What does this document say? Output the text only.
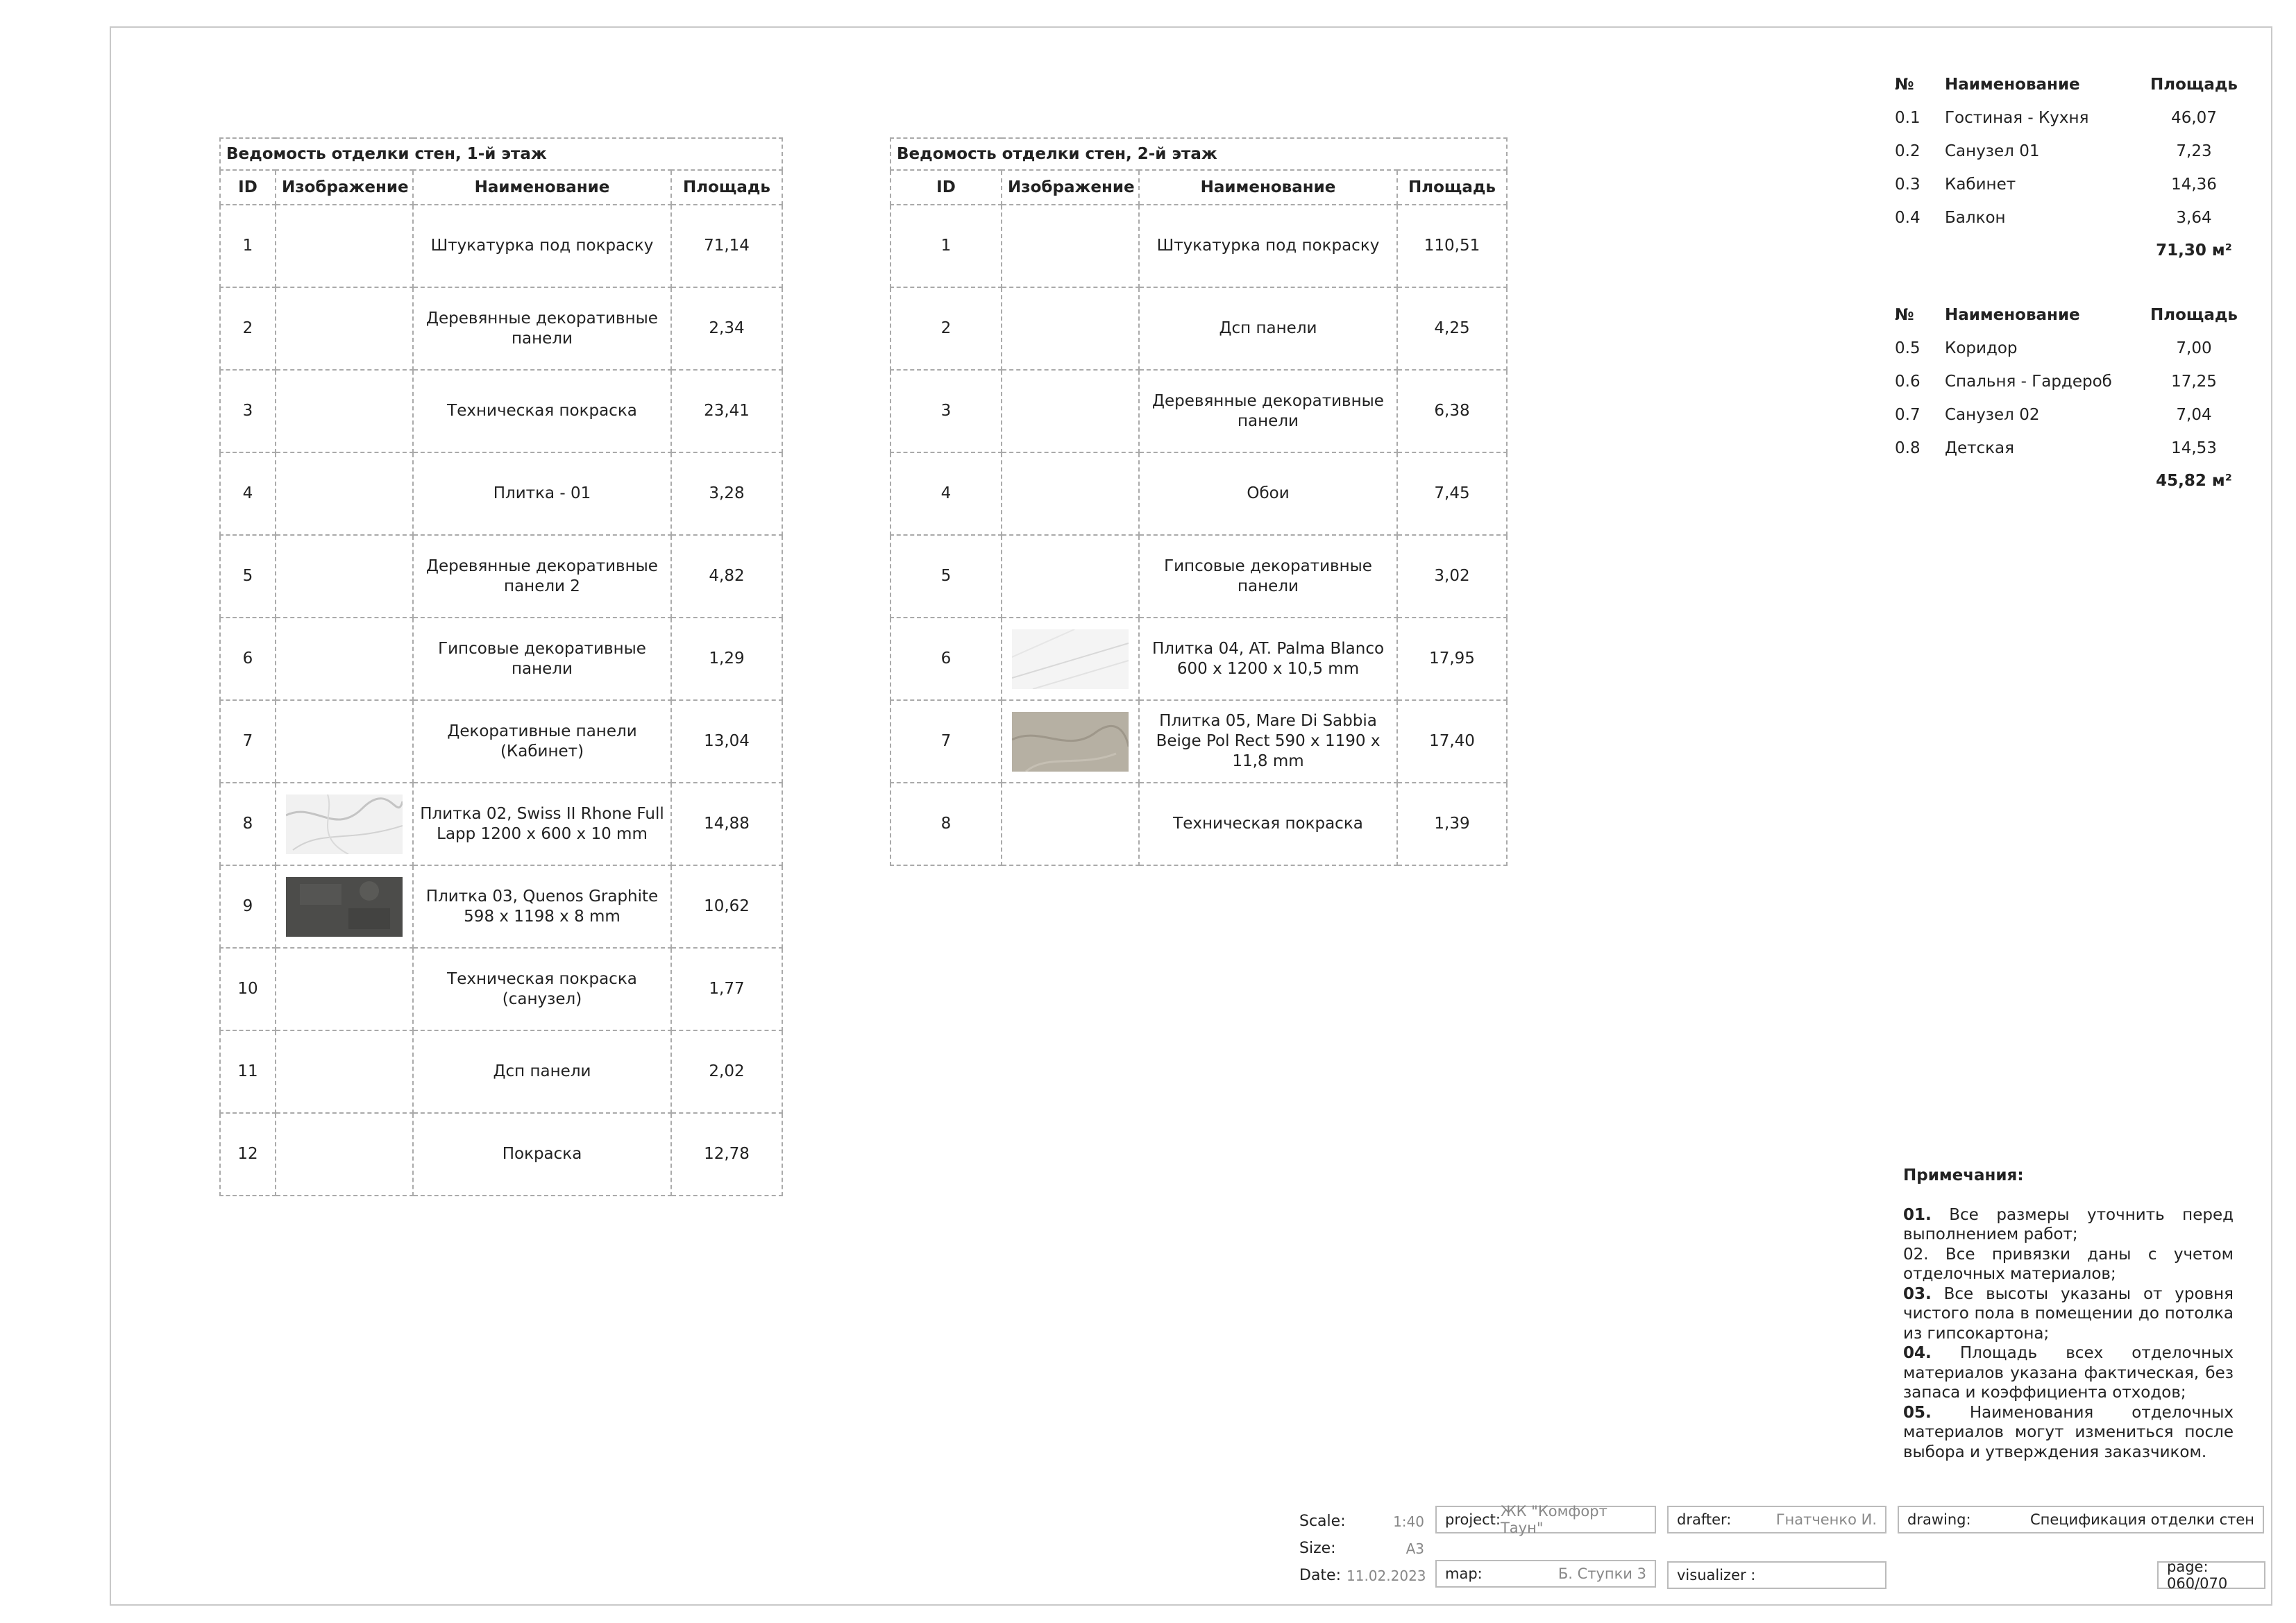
Ведомость отделки стен, 1-й этаж			
ID	Изображение	Наименование	Площадь
1		Штукатурка под покраску	71,14
2		Деревянные декоративные панели	2,34
3		Техническая покраска	23,41
4		Плитка - 01	3,28
5		Деревянные декоративные панели 2	4,82
6		Гипсовые декоративные панели	1,29
7		Декоративные панели (Кабинет)	13,04
8		Плитка 02, Swiss II Rhone Full Lapp 1200 x 600 x 10 mm	14,88
9		Плитка 03, Quenos Graphite 598 x 1198 x 8 mm	10,62
10		Техническая покраска (санузел)	1,77
11		Дсп панели	2,02
12		Покраска	12,78
Ведомость отделки стен, 2-й этаж			
ID	Изображение	Наименование	Площадь
1		Штукатурка под покраску	110,51
2		Дсп панели	4,25
3		Деревянные декоративные панели	6,38
4		Обои	7,45
5		Гипсовые декоративные панели	3,02
6		Плитка 04, AT. Palma Blanco 600 x 1200 x 10,5 mm	17,95
7		Плитка 05, Mare Di Sabbia Beige Pol Rect 590 x 1190 x 11,8 mm	17,40
8		Техническая покраска	1,39
№	Наименование	Площадь
0.1	Гостиная - Кухня	46,07
0.2	Санузел 01	7,23
0.3	Кабинет	14,36
0.4	Балкон	3,64
71,30 м²
№	Наименование	Площадь
0.5	Коридор	7,00
0.6	Спальня - Гардероб	17,25
0.7	Санузел 02	7,04
0.8	Детская	14,53
45,82 м²
Примечания:

01. Все размеры уточнить перед выполнением работ;

02. Все привязки даны с учетом отделочных материалов;

03. Все высоты указаны от уровня чистого пола в помещении до потолка из гипсокартона;

04. Площадь всех отделочных материалов указана фактическая, без запаса и коэффициента отходов;

05. Наименования отделочных материалов могут измениться после выбора и утверждения заказчиком.

Scale:	1:40
Size:	A3
Date: 11.02.2023
project: ЖК "Комфорт Таун"
map:	Б. Ступки 3
drafter:	Гнатченко И.
visualizer :
drawing:	Спецификация отделки стен
page: 060/070
